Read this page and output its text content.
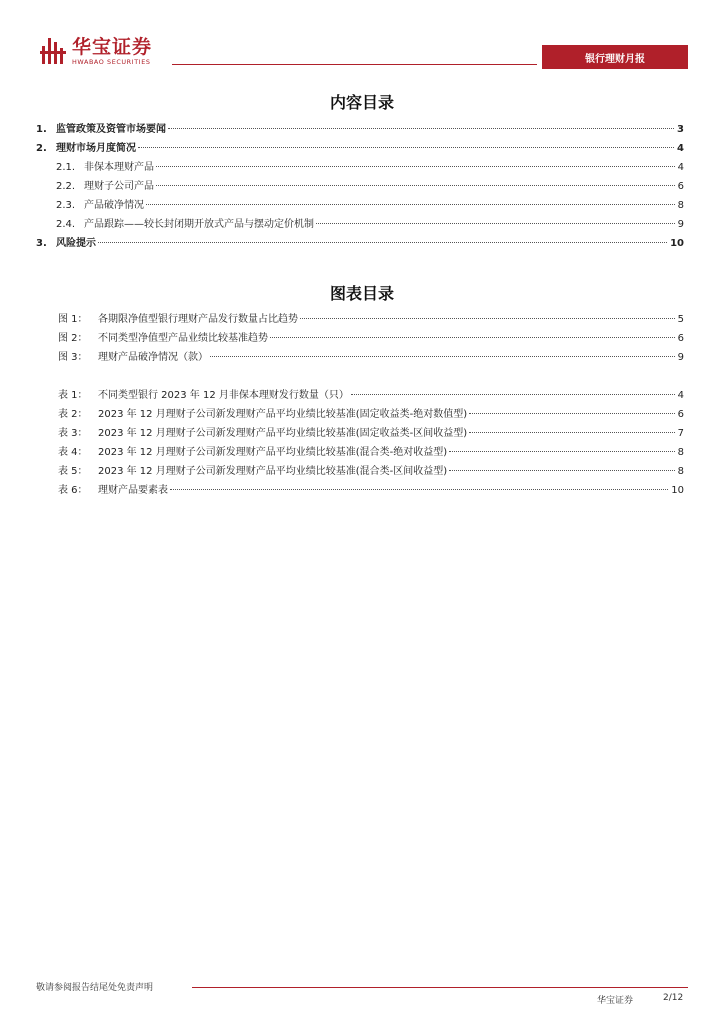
华宝证券
HWABAO SECURITIES	银行理财月报
内容目录
1. 监管政策及资管市场要闻	3
2. 理财市场月度简况	4
2.1. 非保本理财产品	4
2.2. 理财子公司产品	6
2.3. 产品破净情况	8
2.4. 产品跟踪——较长封闭期开放式产品与摆动定价机制	9
3. 风险提示	10
图表目录
图 1：	各期限净值型银行理财产品发行数量占比趋势	5
图 2：	不同类型净值型产品业绩比较基准趋势	6
图 3：	理财产品破净情况（款）	9
表 1：	不同类型银行 2023 年 12 月非保本理财发行数量（只）	4
表 2：	2023 年 12 月理财子公司新发理财产品平均业绩比较基准(固定收益类-绝对数值型)	6
表 3：	2023 年 12 月理财子公司新发理财产品平均业绩比较基准(固定收益类-区间收益型)	7
表 4：	2023 年 12 月理财子公司新发理财产品平均业绩比较基准(混合类-绝对收益型)	8
表 5：	2023 年 12 月理财子公司新发理财产品平均业绩比较基准(混合类-区间收益型)	8
表 6：	理财产品要素表	10
敬请参阅报告结尾处免责声明
华宝证券	2/12
